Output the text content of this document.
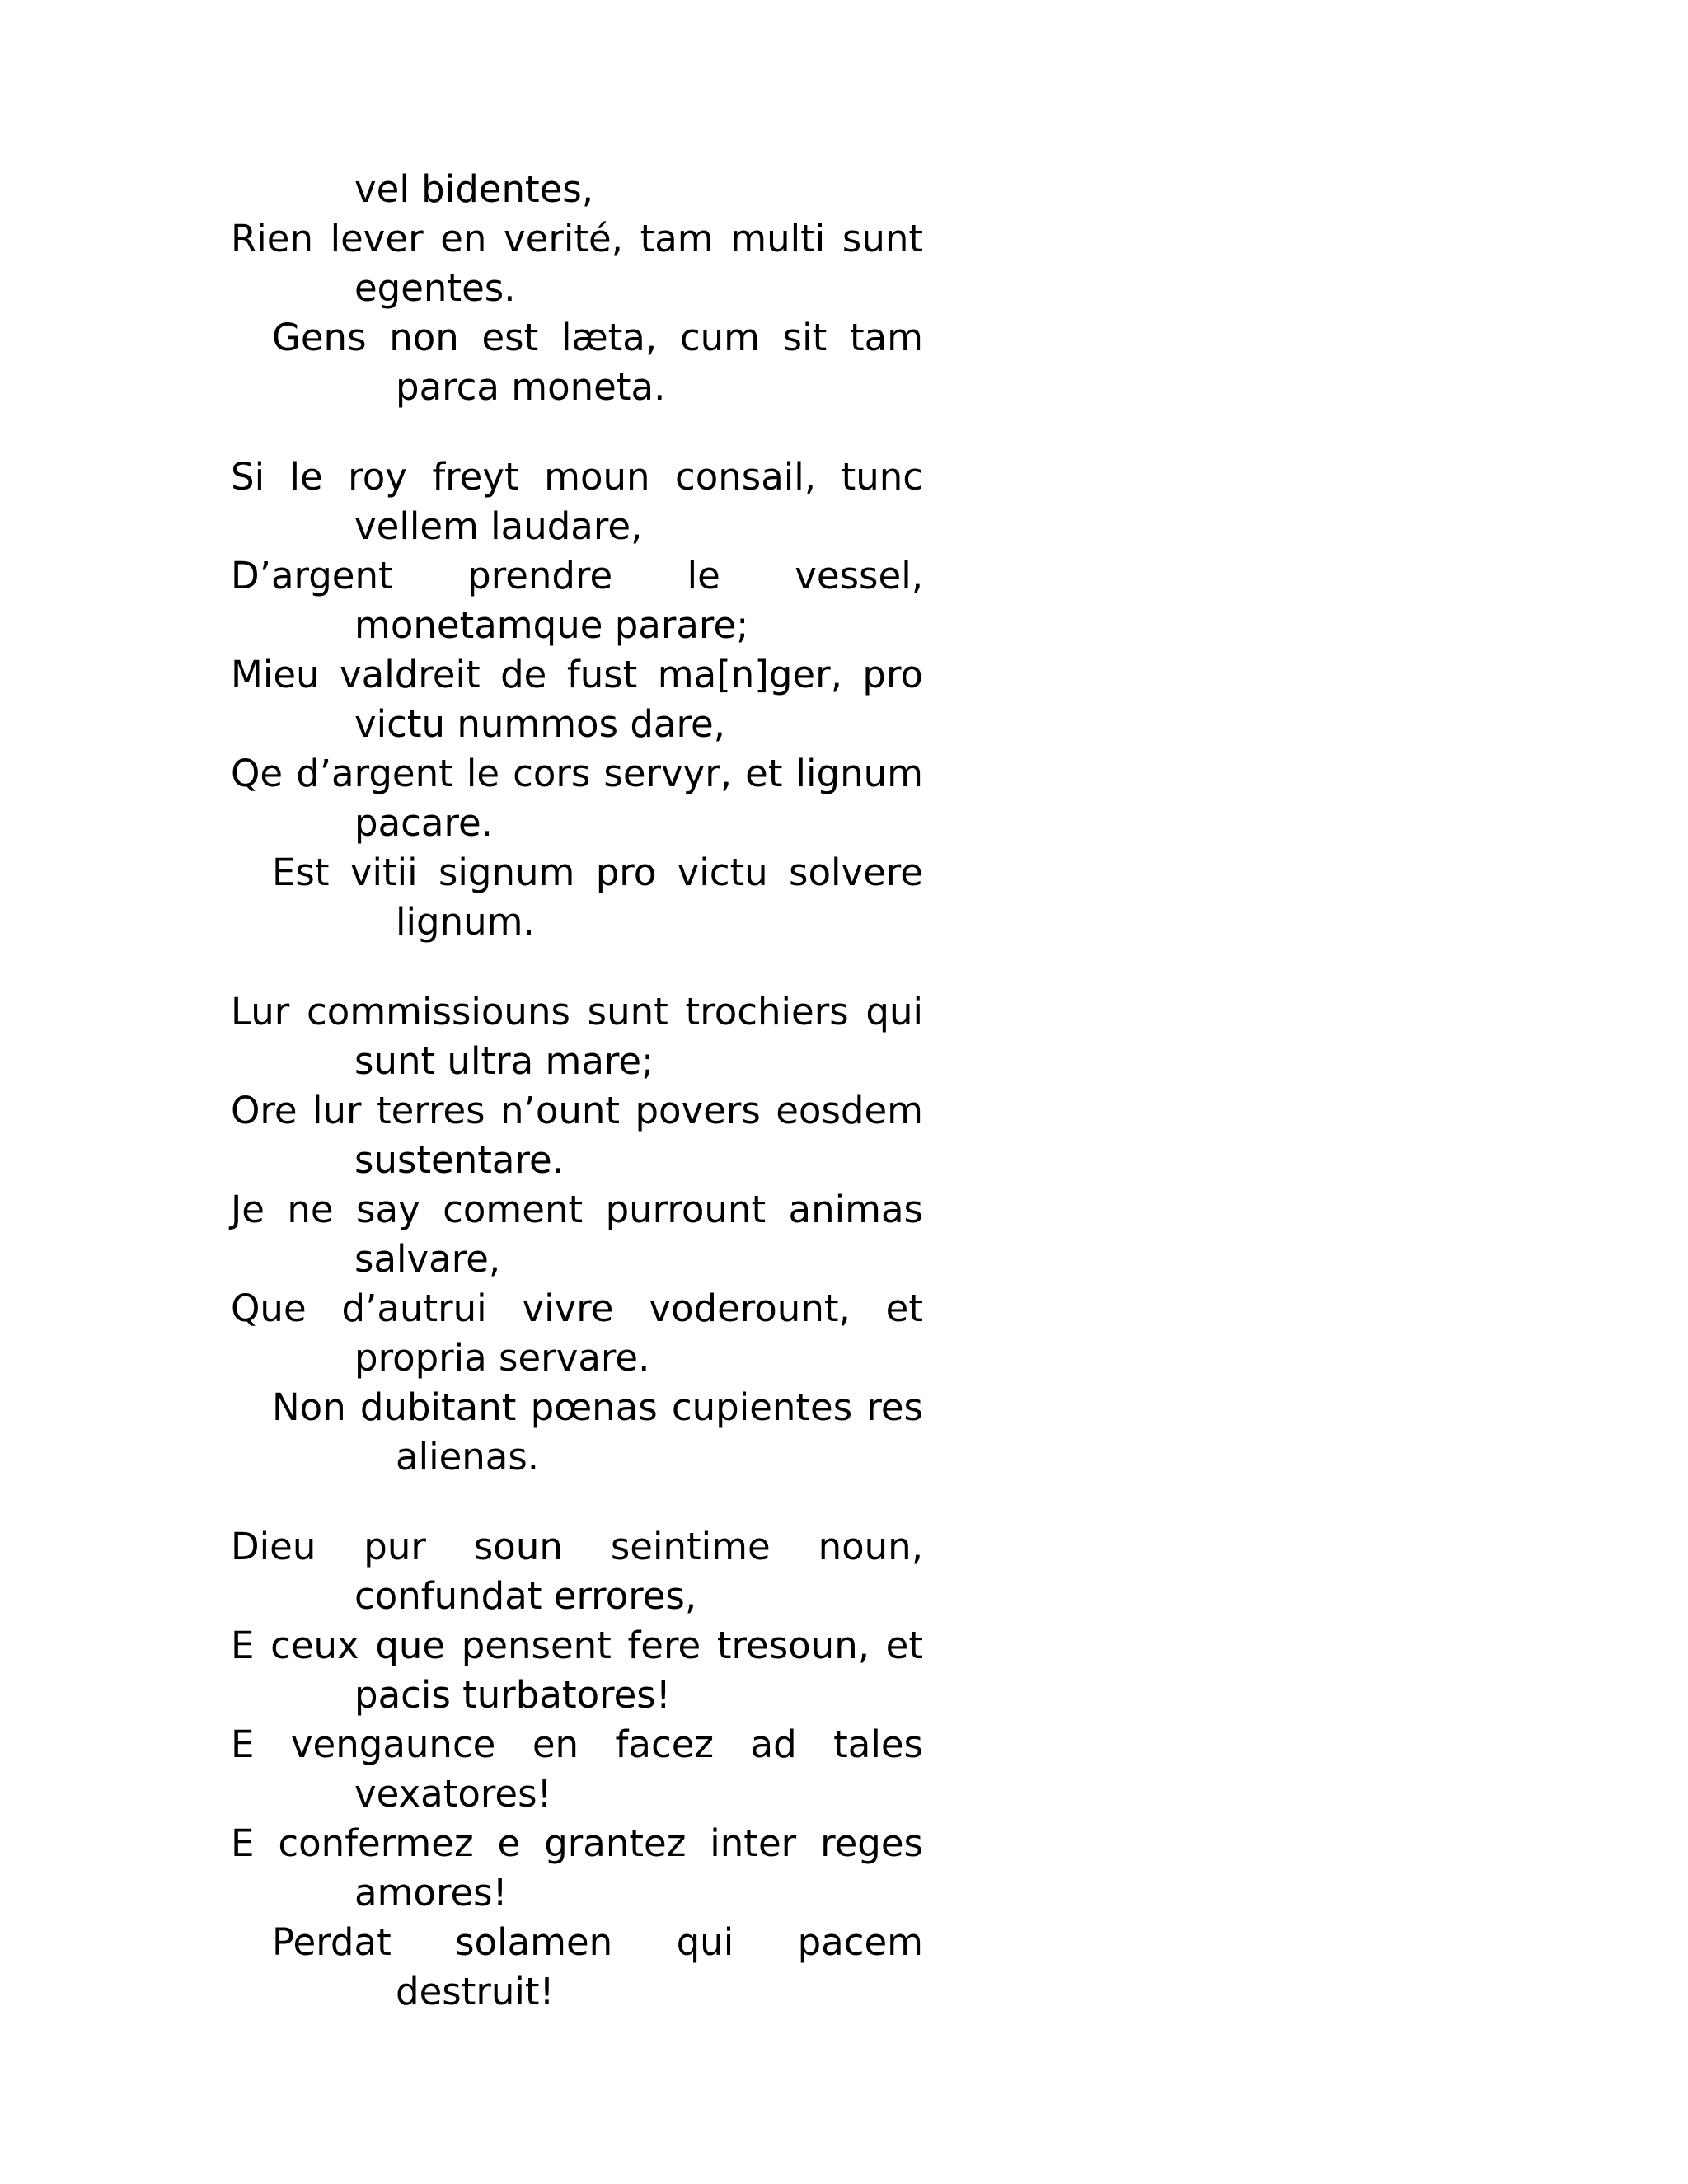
vel bidentes,
Rien lever en verité, tam multi sunt egentes.
Gens non est læta, cum sit tam parca moneta.
Si le roy freyt moun consail, tunc vellem laudare,
D’argent prendre le vessel, monetamque parare;
Mieu valdreit de fust ma[n]ger, pro victu nummos dare,
Qe d’argent le cors servyr, et lignum pacare.
Est vitii signum pro victu solvere lignum.
Lur commissiouns sunt trochiers qui sunt ultra mare;
Ore lur terres n’ount povers eosdem sustentare.
Je ne say coment purrount animas salvare,
Que d’autrui vivre voderount, et propria servare.
Non dubitant pœnas cupientes res alienas.
Dieu pur soun seintime noun, confundat errores,
E ceux que pensent fere tresoun, et pacis turbatores!
E vengaunce en facez ad tales vexatores!
E confermez e grantez inter reges amores!
Perdat solamen qui pacem destruit!
